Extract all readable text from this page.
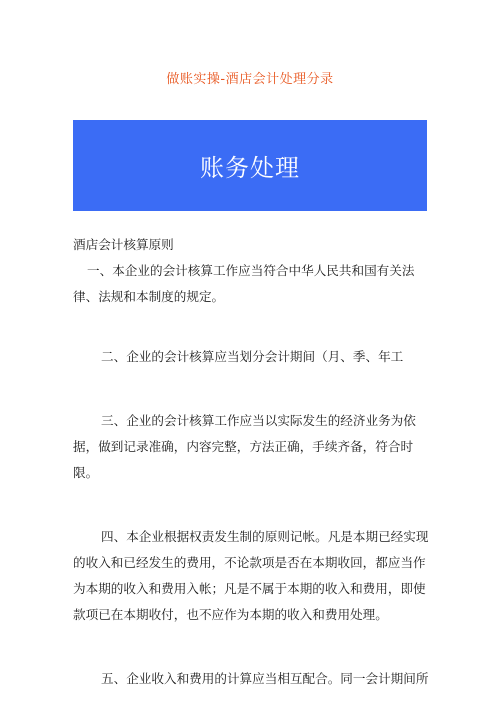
做账实操-酒店会计处理分录
账务处理

酒店会计核算原则

一、本企业的会计核算工作应当符合中华人民共和国有关法律、法规和本制度的规定。

二、企业的会计核算应当划分会计期间（月、季、年工

三、企业的会计核算工作应当以实际发生的经济业务为依据，做到记录准确，内容完整，方法正确，手续齐备，符合时限。

四、本企业根据权责发生制的原则记帐。凡是本期已经实现的收入和已经发生的费用，不论款项是否在本期收回，都应当作为本期的收入和费用入帐；凡是不属于本期的收入和费用，即使款项已在本期收付，也不应作为本期的收入和费用处理。

五、企业收入和费用的计算应当相互配合。同一会计期间所
